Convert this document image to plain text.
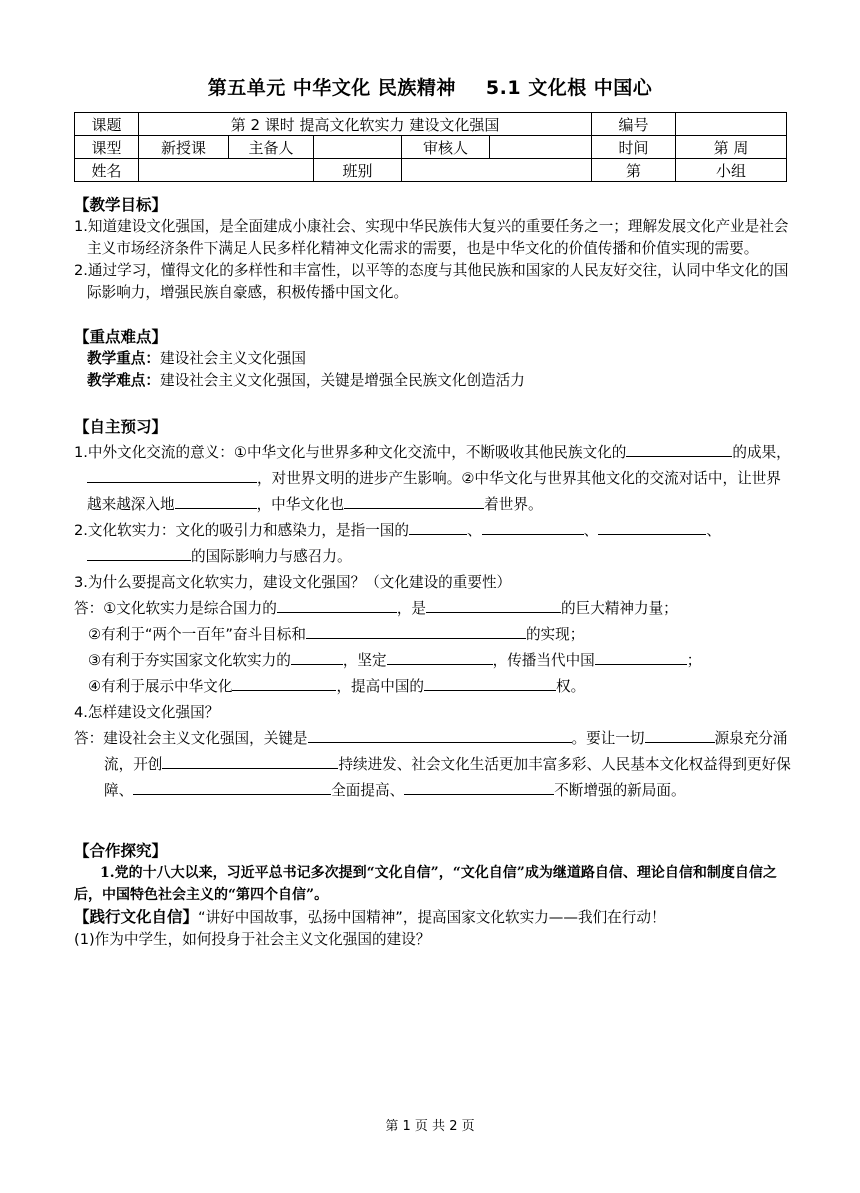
第五单元 中华文化 民族精神 5.1 文化根 中国心
课题	第 2 课时 提高文化软实力 建设文化强国					编号	
课型	新授课	主备人		审核人		时间	第 周
姓名			班别			第	小组
【教学目标】
1.知道建设文化强国，是全面建成小康社会、实现中华民族伟大复兴的重要任务之一；理解发展文化产业是社会主义市场经济条件下满足人民多样化精神文化需求的需要，也是中华文化的价值传播和价值实现的需要。
2.通过学习，懂得文化的多样性和丰富性，以平等的态度与其他民族和国家的人民友好交往，认同中华文化的国际影响力，增强民族自豪感，积极传播中国文化。
【重点难点】
教学重点：建设社会主义文化强国
教学难点：建设社会主义文化强国，关键是增强全民族文化创造活力
【自主预习】
1.中外文化交流的意义：①中华文化与世界多种文化交流中，不断吸收其他民族文化的	的成果，，对世界文明的进步产生影响。②中华文化与世界其他文化的交流对话中，让世界越来越深入地	，中华文化也	着世界。
2.文化软实力：文化的吸引力和感染力，是指一国的	、	、	、的国际影响力与感召力。
3.为什么要提高文化软实力，建设文化强国？（文化建设的重要性）
答：①文化软实力是综合国力的	，是	的巨大精神力量；
②有利于“两个一百年”奋斗目标和	的实现；
③有利于夯实国家文化软实力的	，坚定	，传播当代中国	；
④有利于展示中华文化	，提高中国的	权。
4.怎样建设文化强国？
答：建设社会主义文化强国，关键是	。要让一切	源泉充分涌流，开创	持续进发、社会文化生活更加丰富多彩、人民基本文化权益得到更好保障、	全面提高、	不断增强的新局面。
【合作探究】
1.党的十八大以来，习近平总书记多次提到“文化自信”，“文化自信”成为继道路自信、理论自信和制度自信之后，中国特色社会主义的“第四个自信”。
【践行文化自信】“讲好中国故事，弘扬中国精神”，提高国家文化软实力——我们在行动！
(1)作为中学生，如何投身于社会主义文化强国的建设？
第 1 页 共 2 页
